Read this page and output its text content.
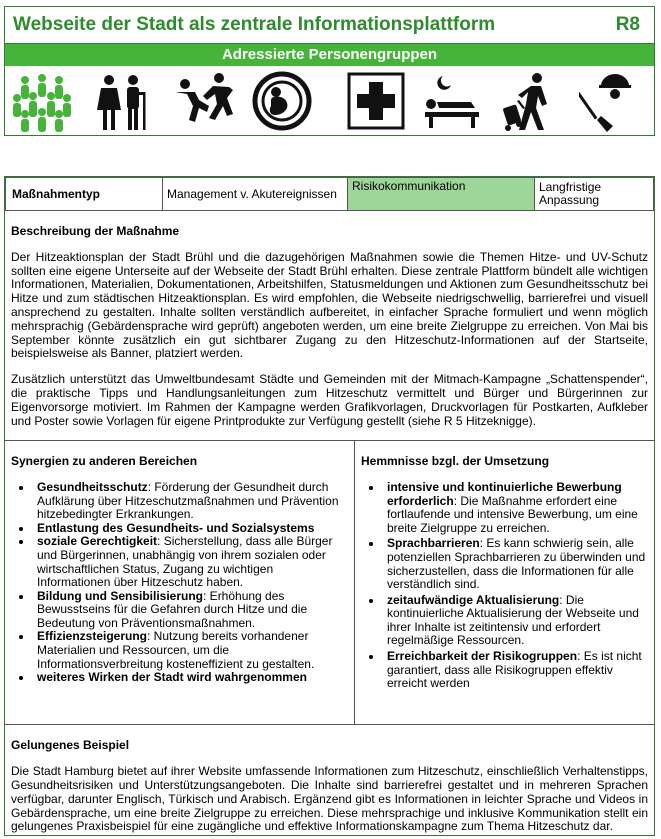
Webseite der Stadt als zentrale Informationsplattform	R8
Adressierte Personengruppen
Maßnahmentyp	Management v. Akutereignissen	Risikokommunikation	Langfristige Anpassung
Beschreibung der Maßnahme

Der Hitzeaktionsplan der Stadt Brühl und die dazugehörigen Maßnahmen sowie die Themen Hitze- und UV-Schutz sollten eine eigene Unterseite auf der Webseite der Stadt Brühl erhalten. Diese zentrale Plattform bündelt alle wichtigen Informationen, Materialien, Dokumentationen, Arbeitshilfen, Statusmeldungen und Aktionen zum Gesundheitsschutz bei Hitze und zum städtischen Hitzeaktionsplan. Es wird empfohlen, die Webseite niedrigschwellig, barrierefrei und visuell ansprechend zu gestalten. Inhalte sollten verständlich aufbereitet, in einfacher Sprache formuliert und wenn möglich mehrsprachig (Gebärdensprache wird geprüft) angeboten werden, um eine breite Zielgruppe zu erreichen. Von Mai bis September könnte zusätzlich ein gut sichtbarer Zugang zu den Hitzeschutz-Informationen auf der Startseite, beispielsweise als Banner, platziert werden.

Zusätzlich unterstützt das Umweltbundesamt Städte und Gemeinden mit der Mitmach-Kampagne „Schattenspender“, die praktische Tipps und Handlungsanleitungen zum Hitzeschutz vermittelt und Bürger und Bürgerinnen zur Eigenvorsorge motiviert. Im Rahmen der Kampagne werden Grafikvorlagen, Druckvorlagen für Postkarten, Aufkleber und Poster sowie Vorlagen für eigene Printprodukte zur Verfügung gestellt (siehe R 5 Hitzeknigge).

Synergien zu anderen Bereichen
• Gesundheitsschutz: Förderung der Gesundheit durch Aufklärung über Hitzeschutzmaßnahmen und Prävention hitzebedingter Erkrankungen.
• Entlastung des Gesundheits- und Sozialsystems
• soziale Gerechtigkeit: Sicherstellung, dass alle Bürger und Bürgerinnen, unabhängig von ihrem sozialen oder wirtschaftlichen Status, Zugang zu wichtigen Informationen über Hitzeschutz haben.
• Bildung und Sensibilisierung: Erhöhung des Bewusstseins für die Gefahren durch Hitze und die Bedeutung von Präventionsmaßnahmen.
• Effizienzsteigerung: Nutzung bereits vorhandener Materialien und Ressourcen, um die Informationsverbreitung kosteneffizient zu gestalten.
• weiteres Wirken der Stadt wird wahrgenommen
Hemmnisse bzgl. der Umsetzung
• intensive und kontinuierliche Bewerbung erforderlich: Die Maßnahme erfordert eine fortlaufende und intensive Bewerbung, um eine breite Zielgruppe zu erreichen.
• Sprachbarrieren: Es kann schwierig sein, alle potenziellen Sprachbarrieren zu überwinden und sicherzustellen, dass die Informationen für alle verständlich sind.
• zeitaufwändige Aktualisierung: Die kontinuierliche Aktualisierung der Webseite und ihrer Inhalte ist zeitintensiv und erfordert regelmäßige Ressourcen.
• Erreichbarkeit der Risikogruppen: Es ist nicht garantiert, dass alle Risikogruppen effektiv erreicht werden
Gelungenes Beispiel

Die Stadt Hamburg bietet auf ihrer Website umfassende Informationen zum Hitzeschutz, einschließlich Verhaltenstipps, Gesundheitsrisiken und Unterstützungsangeboten. Die Inhalte sind barrierefrei gestaltet und in mehreren Sprachen verfügbar, darunter Englisch, Türkisch und Arabisch. Ergänzend gibt es Informationen in leichter Sprache und Videos in Gebärdensprache, um eine breite Zielgruppe zu erreichen. Diese mehrsprachige und inklusive Kommunikation stellt ein gelungenes Praxisbeispiel für eine zugängliche und effektive Informationskampagne zum Thema Hitzeschutz dar.
